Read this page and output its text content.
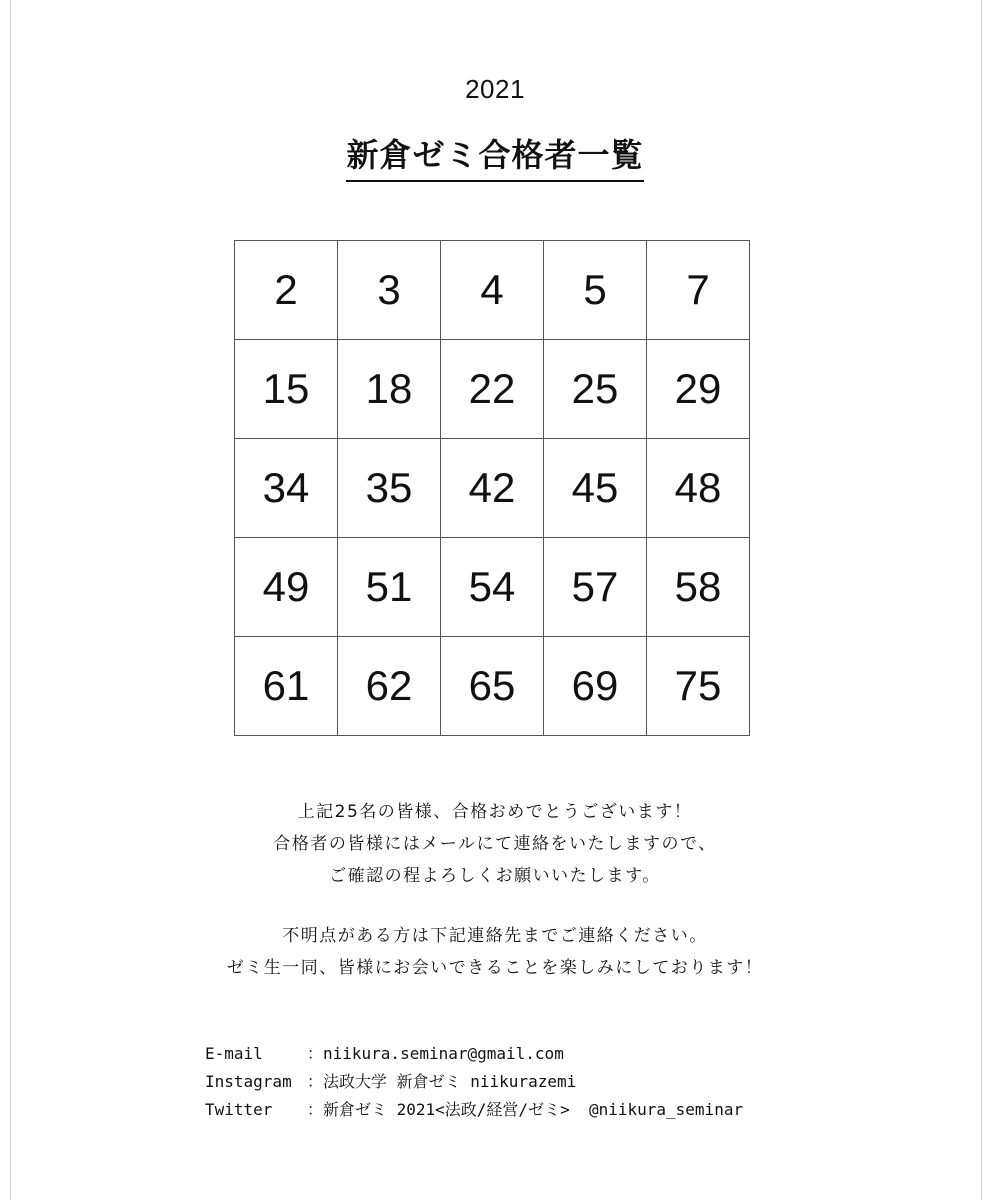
2021
新倉ゼミ合格者一覧
2	3	4	5	7
15	18	22	25	29
34	35	42	45	48
49	51	54	57	58
61	62	65	69	75
上記25名の皆様、合格おめでとうございます！
合格者の皆様にはメールにて連絡をいたしますので、
ご確認の程よろしくお願いいたします。
不明点がある方は下記連絡先までご連絡ください。
ゼミ生一同、皆様にお会いできることを楽しみにしております！
E-mail	：niikura.seminar@gmail.com
Instagram ：法政大学 新倉ゼミ niikurazemi
Twitter	：新倉ゼミ 2021<法政/経営/ゼミ>  @niikura_seminar
